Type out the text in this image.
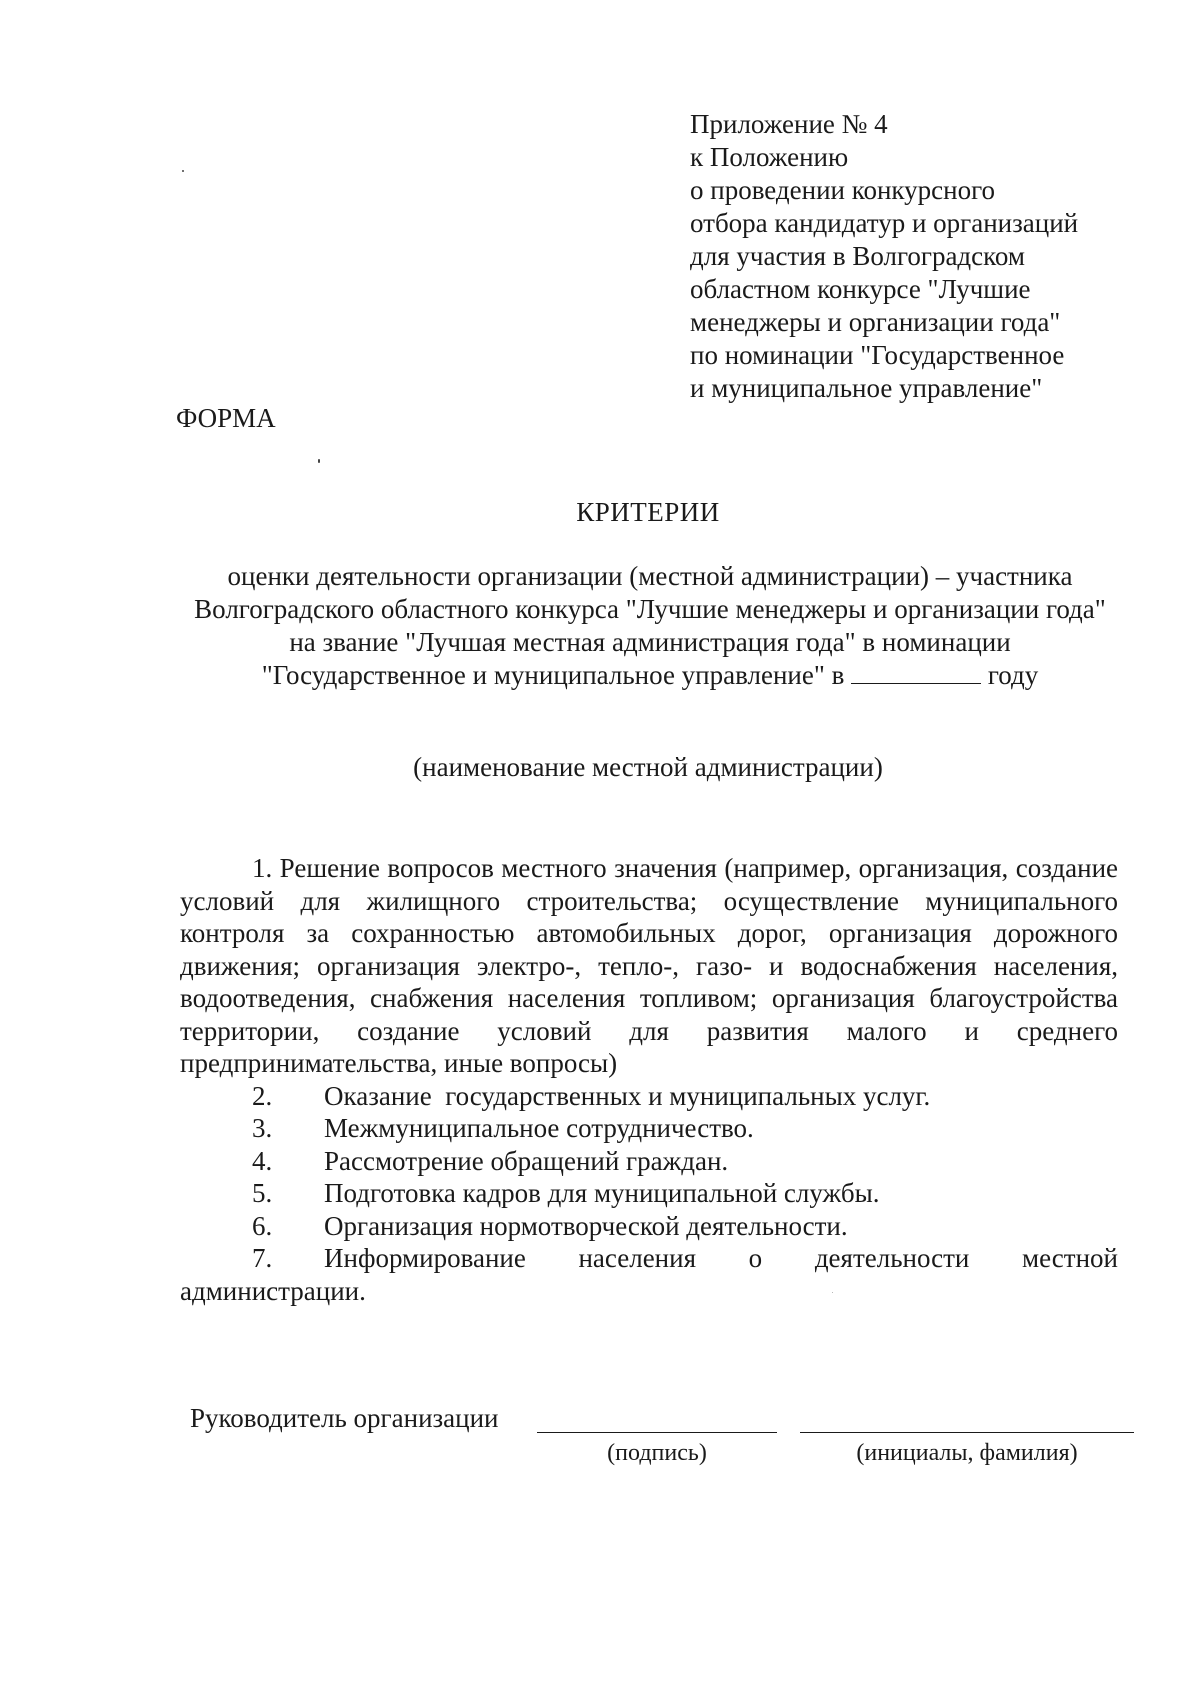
Приложение № 4
к Положению
о проведении конкурсного
отбора кандидатур и организаций
для участия в Волгоградском
областном конкурсе "Лучшие
менеджеры и организации года"
по номинации "Государственное
и муниципальное управление"
ФОРМА
КРИТЕРИИ
оценки деятельности организации (местной администрации) – участника
Волгоградского областного конкурса "Лучшие менеджеры и организации года"
на звание "Лучшая местная администрация года" в номинации
"Государственное и муниципальное управление" в	году
(наименование местной администрации)

1. Решение вопросов местного значения (например, организация, создание условий для жилищного строительства; осуществление муниципального контроля за сохранностью автомобильных дорог, организация дорожного движения; организация электро-, тепло-, газо- и водоснабжения населения, водоотведения, снабжения населения топливом; организация благоустройства территории, создание условий для развития малого и среднего предпринимательства, иные вопросы)

2.	Оказание  государственных и муниципальных услуг.
3.	Межмуниципальное сотрудничество.
4.	Рассмотрение обращений граждан.
5.	Подготовка кадров для муниципальной службы.
6.	Организация нормотворческой деятельности.
7.	Информирование населения о деятельности местной
администрации.
Руководитель организации
(подпись)	(инициалы, фамилия)
